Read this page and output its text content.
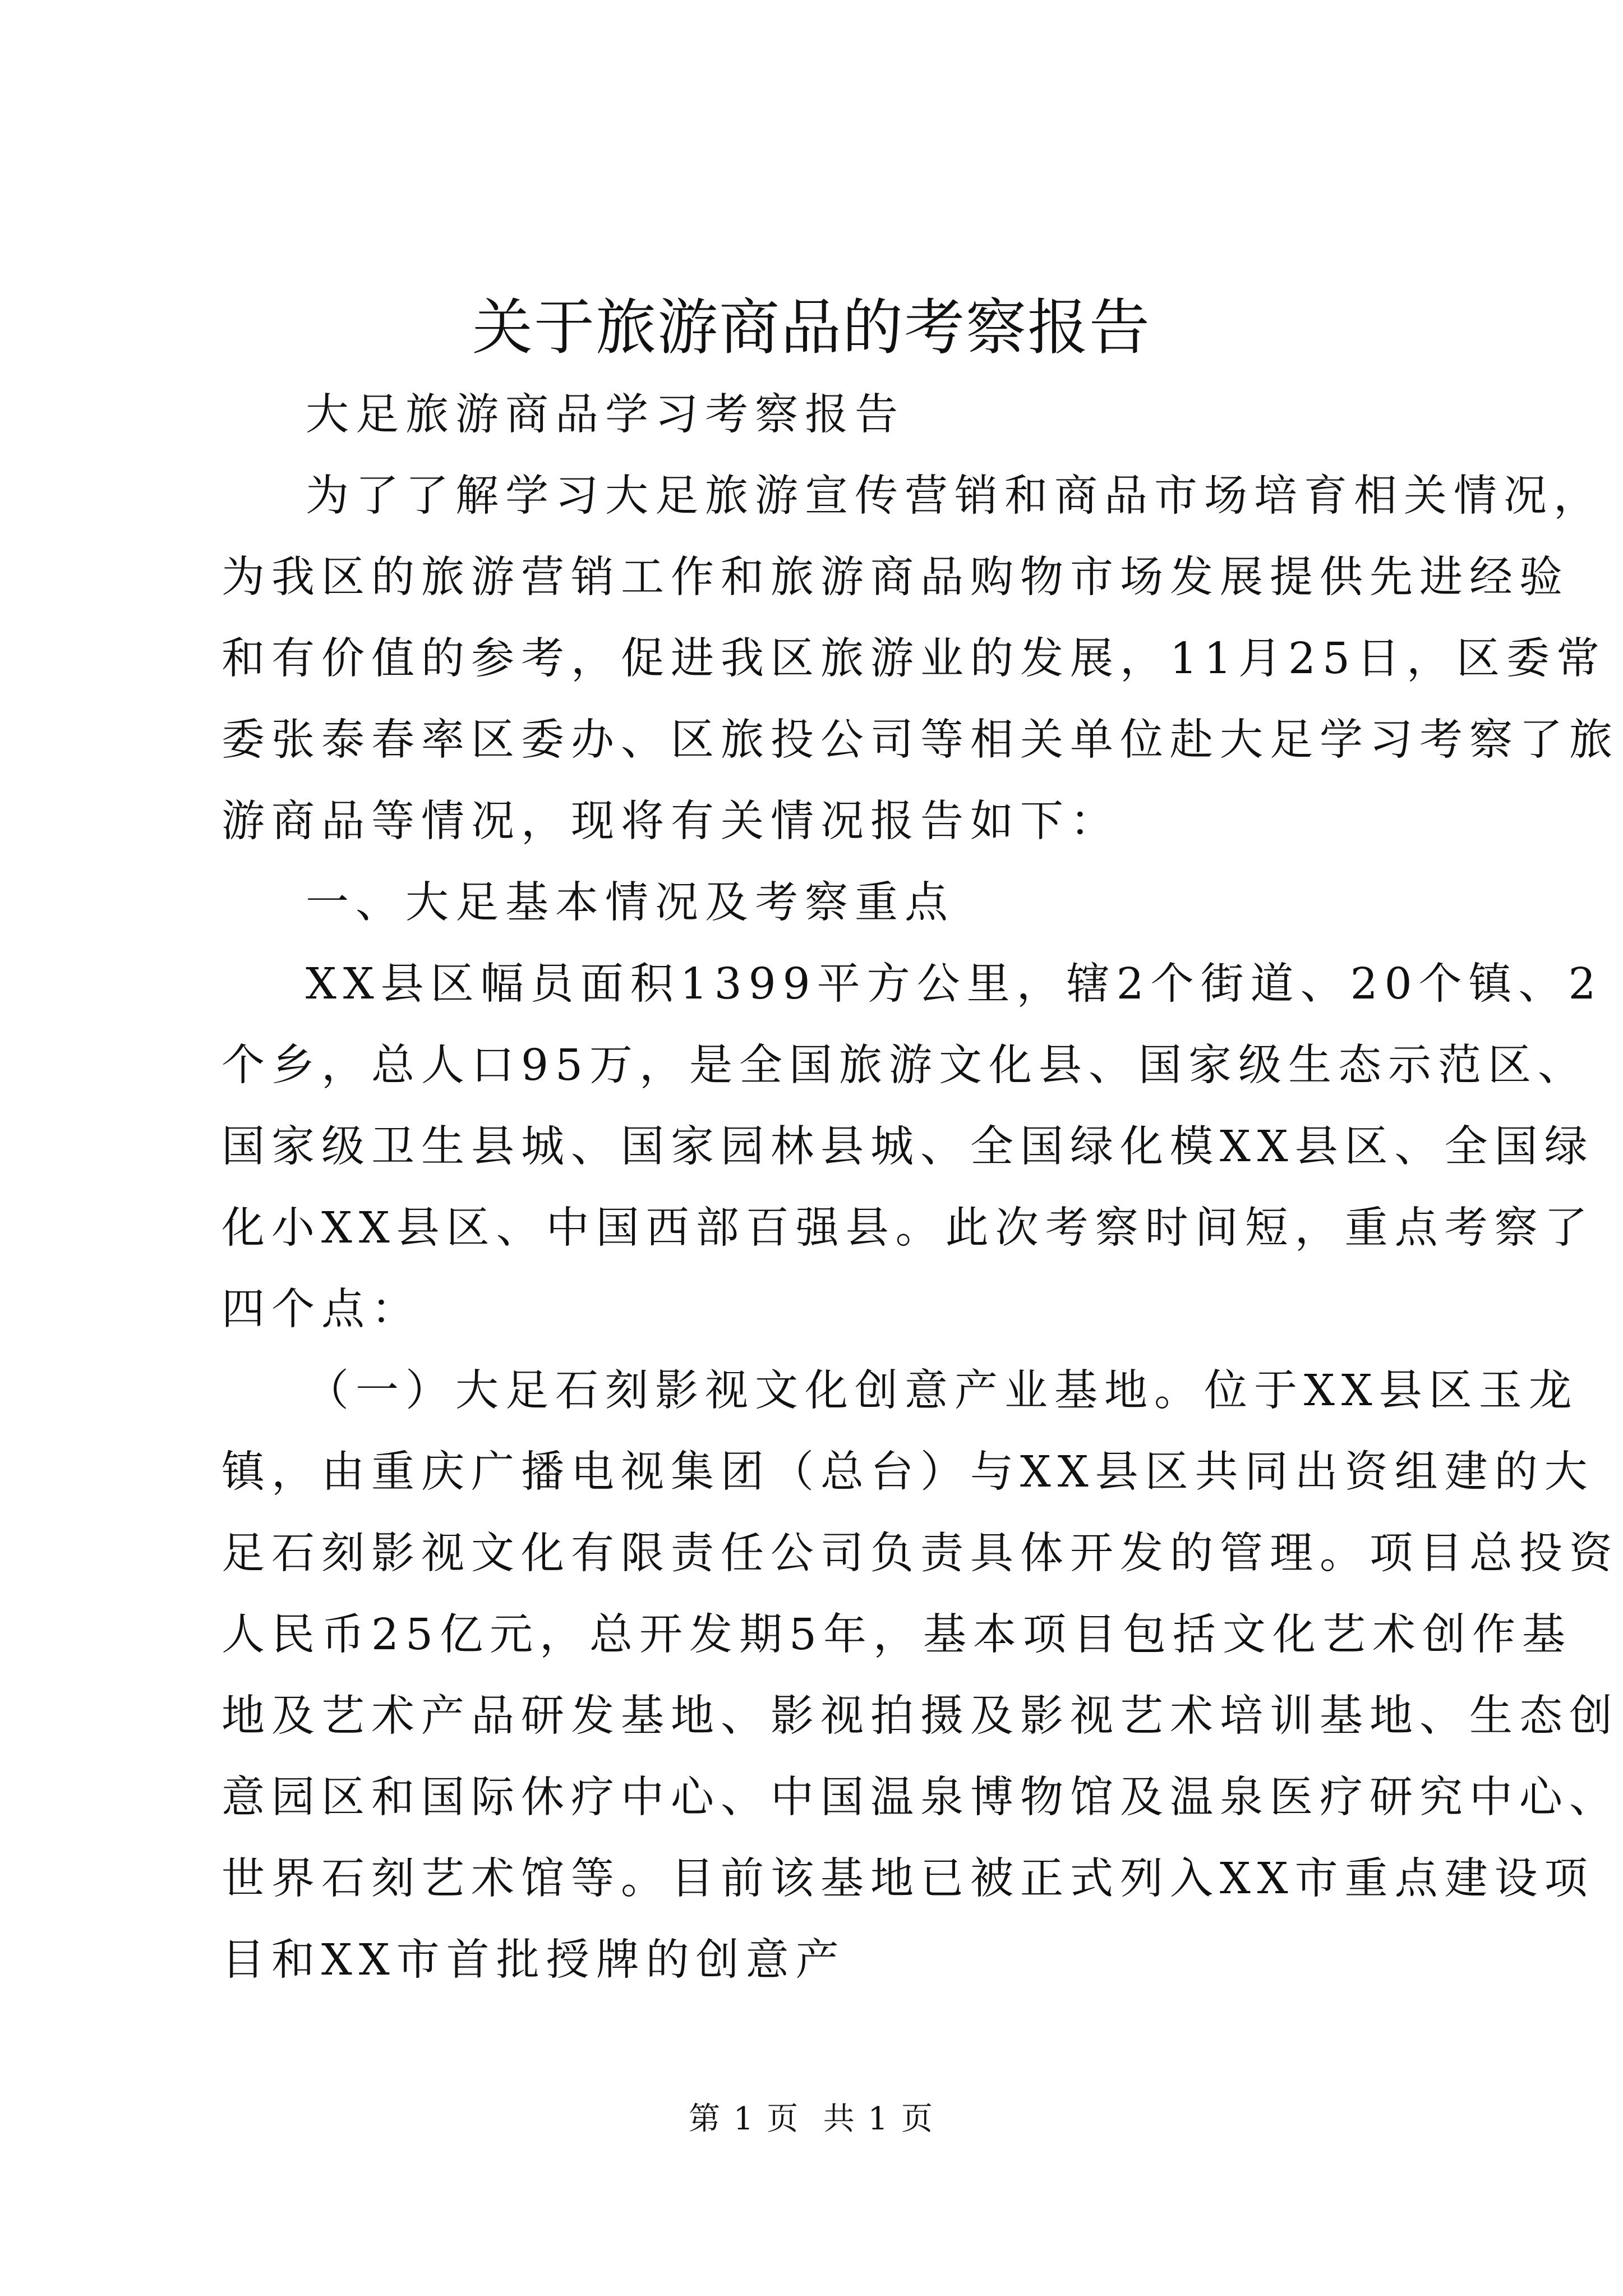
关于旅游商品的考察报告

大足旅游商品学习考察报告

为了了解学习大足旅游宣传营销和商品市场培育相关情况，

为我区的旅游营销工作和旅游商品购物市场发展提供先进经验

和有价值的参考，促进我区旅游业的发展，11月25日，区委常

委张泰春率区委办、区旅投公司等相关单位赴大足学习考察了旅

游商品等情况，现将有关情况报告如下：

一、大足基本情况及考察重点

XX县区幅员面积1399平方公里，辖2个街道、20个镇、2

个乡，总人口95万，是全国旅游文化县、国家级生态示范区、

国家级卫生县城、国家园林县城、全国绿化模XX县区、全国绿

化小XX县区、中国西部百强县。此次考察时间短，重点考察了

四个点：

（一）大足石刻影视文化创意产业基地。位于XX县区玉龙

镇，由重庆广播电视集团（总台）与XX县区共同出资组建的大

足石刻影视文化有限责任公司负责具体开发的管理。项目总投资

人民币25亿元，总开发期5年，基本项目包括文化艺术创作基

地及艺术产品研发基地、影视拍摄及影视艺术培训基地、生态创

意园区和国际休疗中心、中国温泉博物馆及温泉医疗研究中心、

世界石刻艺术馆等。目前该基地已被正式列入XX市重点建设项

目和XX市首批授牌的创意产

第 1 页  共 1 页
